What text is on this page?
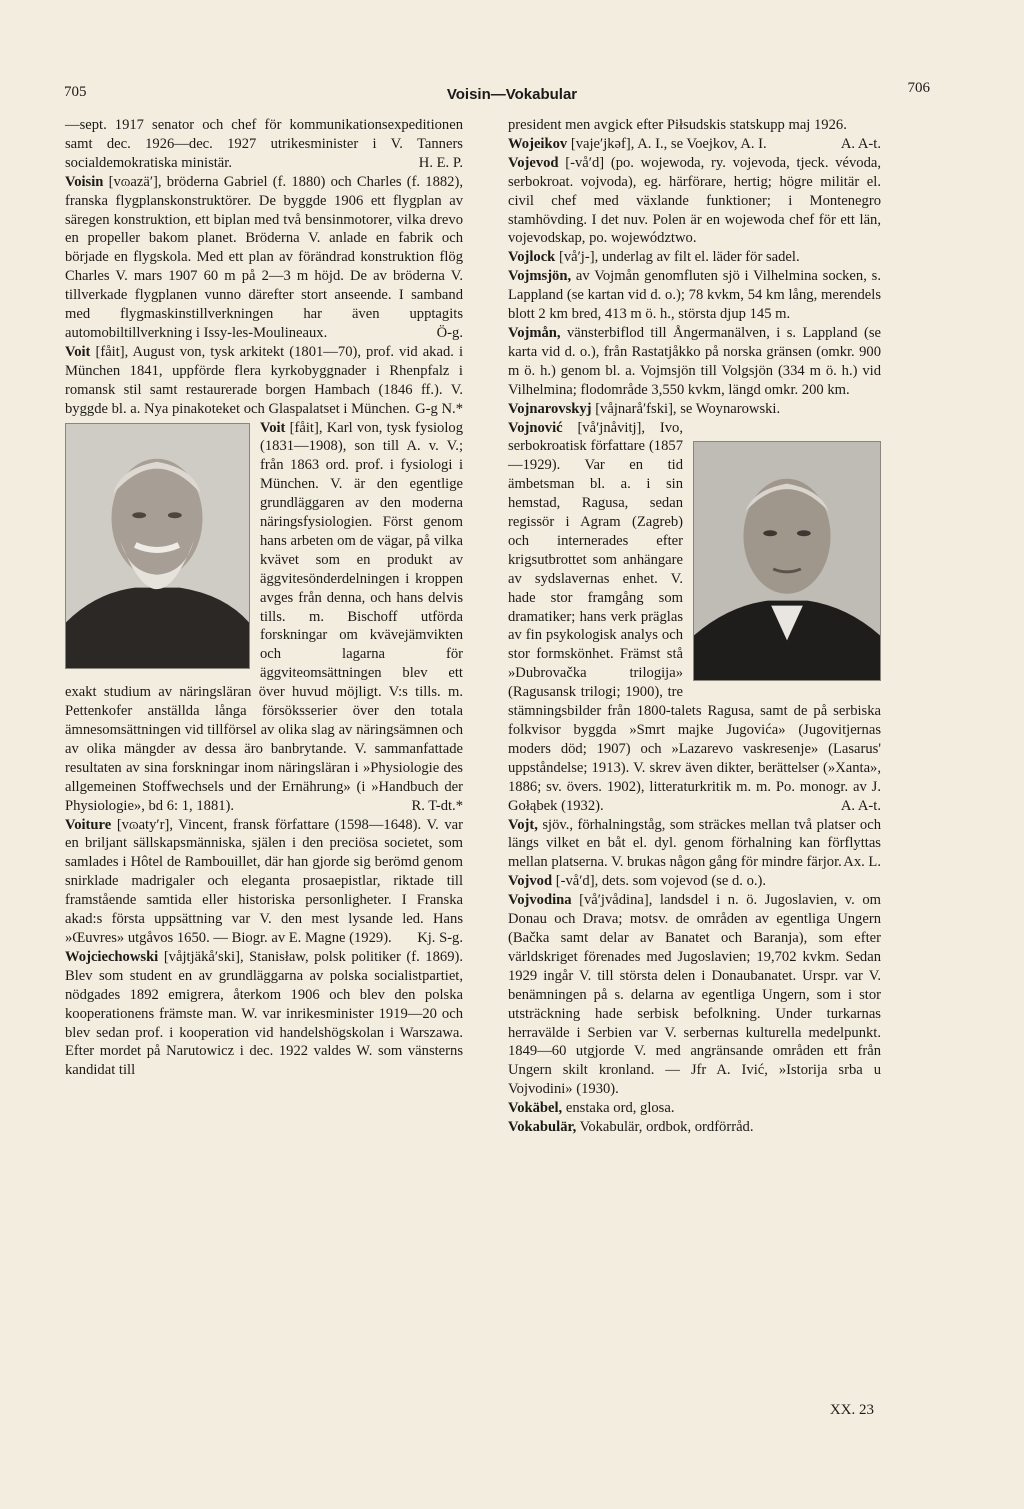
705	Voisin—Vokabular	706

—sept. 1917 senator och chef för kommunikationsexpeditionen samt dec. 1926—dec. 1927 utrikesminister i V. Tanners socialdemokratiska ministär.	H. E. P.

Voisin [vɷazä′], bröderna Gabriel (f. 1880) och Charles (f. 1882), franska flygplanskonstruktörer. De byggde 1906 ett flygplan av säregen konstruktion, ett biplan med två bensinmotorer, vilka drevo en propeller bakom planet. Bröderna V. anlade en fabrik och började en flygskola. Med ett plan av förändrad konstruktion flög Charles V. mars 1907 60 m på 2—3 m höjd. De av bröderna V. tillverkade flygplanen vunno därefter stort anseende. I samband med flygmaskinstillverkningen har även upptagits automobiltillverkning i Issy-les-Moulineaux.	Ö-g.

Voit [fåit], August von, tysk arkitekt (1801—70), prof. vid akad. i München 1841, uppförde flera kyrkobyggnader i Rhenpfalz i romansk stil samt restaurerade borgen Hambach (1846 ff.). V. byggde bl. a. Nya pinakoteket och Glaspalatset i München. G-g N.*

Voit [fåit], Karl von, tysk fysiolog (1831—1908), son till A. v. V.; från 1863 ord. prof. i fysiologi i München. V. är den egentlige grundläggaren av den moderna näringsfysiologien. Först genom hans arbeten om de vägar, på vilka kvävet som en produkt av äggvitesönderdelningen i kroppen avges från denna, och hans delvis tills. m. Bischoff utförda forskningar om kvävejämvikten och lagarna för äggviteomsättningen blev ett exakt studium av näringsläran över huvud möjligt. V:s tills. m. Pettenkofer anställda långa försöksserier över den totala ämnesomsättningen vid tillförsel av olika slag av näringsämnen och av olika mängder av dessa äro banbrytande. V. sammanfattade resultaten av sina forskningar inom näringsläran i »Physiologie des allgemeinen Stoffwechsels und der Ernährung» (i »Handbuch der Physiologie», bd 6: 1, 1881).	R. T-dt.*

Voiture [vɷaty′r], Vincent, fransk författare (1598—1648). V. var en briljant sällskapsmänniska, själen i den preciösa societet, som samlades i Hôtel de Rambouillet, där han gjorde sig berömd genom snirklade madrigaler och eleganta prosaepistlar, riktade till framstående samtida eller historiska personligheter. I Franska akad:s första uppsättning var V. den mest lysande led. Hans »Œuvres» utgåvos 1650. — Biogr. av E. Magne (1929). Kj. S-g.

Wojciechowski [våjtjäkå′ski], Stanisław, polsk politiker (f. 1869). Blev som student en av grundläggarna av polska socialistpartiet, nödgades 1892 emigrera, återkom 1906 och blev den polska kooperationens främste man. W. var inrikesminister 1919—20 och blev sedan prof. i kooperation vid handelshögskolan i Warszawa. Efter mordet på Narutowicz i dec. 1922 valdes W. som vänsterns kandidat till

president men avgick efter Piłsudskis statskupp maj 1926.
A. A-t.

Wojeikov [vaje′jkəf], A. I., se Voejkov, A. I.

Vojevod [-vå′d] (po. wojewoda, ry. vojevoda, tjeck. vévoda, serbokroat. vojvoda), eg. härförare, hertig; högre militär el. civil chef med växlande funktioner; i Montenegro stamhövding. I det nuv. Polen är en wojewoda chef för ett län, vojevodskap, po. województwo.

Vojlock [vå′j-], underlag av filt el. läder för sadel.

Vojmsjön, av Vojmån genomfluten sjö i Vilhelmina socken, s. Lappland (se kartan vid d. o.); 78 kvkm, 54 km lång, merendels blott 2 km bred, 413 m ö. h., största djup 145 m.

Vojmån, vänsterbiflod till Ångermanälven, i s. Lappland (se karta vid d. o.), från Rastatjåkko på norska gränsen (omkr. 900 m ö. h.) genom bl. a. Vojmsjön till Volgsjön (334 m ö. h.) vid Vilhelmina; flodområde 3,550 kvkm, längd omkr. 200 km.

Vojnarovskyj [våjnarå′fski], se Woynarowski.

Vojnović [vå′jnåvitj], Ivo, serbokroatisk författare (1857—1929). Var en tid ämbetsman bl. a. i sin hemstad, Ragusa, sedan regissör i Agram (Zagreb) och internerades efter krigsutbrottet som anhängare av sydslavernas enhet. V. hade stor framgång som dramatiker; hans verk präglas av fin psykologisk analys och stor formskönhet. Främst stå »Dubrovačka trilogija» (Ragusansk trilogi; 1900), tre stämningsbilder från 1800-talets Ragusa, samt de på serbiska folkvisor byggda »Smrt majke Jugovića» (Jugovitjernas moders död; 1907) och »Lazarevo vaskresenje» (Lasarus' uppståndelse; 1913). V. skrev även dikter, berättelser (»Xanta», 1886; sv. övers. 1902), litteraturkritik m. m. Po. monogr. av J. Gołąbek (1932).	A. A-t.

Vojt, sjöv., förhalningståg, som sträckes mellan två platser och längs vilket en båt el. dyl. genom förhalning kan förflyttas mellan platserna. V. brukas någon gång för mindre färjor. Ax. L.

Vojvod [-vå′d], dets. som vojevod (se d. o.).

Vojvodina [vå′jvådina], landsdel i n. ö. Jugoslavien, v. om Donau och Drava; motsv. de områden av egentliga Ungern (Bačka samt delar av Banatet och Baranja), som efter världskriget förenades med Jugoslavien; 19,702 kvkm. Sedan 1929 ingår V. till största delen i Donaubanatet. Urspr. var V. benämningen på s. delarna av egentliga Ungern, som i stor utsträckning hade serbisk befolkning. Under turkarnas herravälde i Serbien var V. serbernas kulturella medelpunkt. 1849—60 utgjorde V. med angränsande områden ett från Ungern skilt kronland. — Jfr A. Ivić, »Istorija srba u Vojvodini» (1930).

Vokäbel, enstaka ord, glosa.

Vokabulär, Vokabulär, ordbok, ordförråd.

XX. 23
